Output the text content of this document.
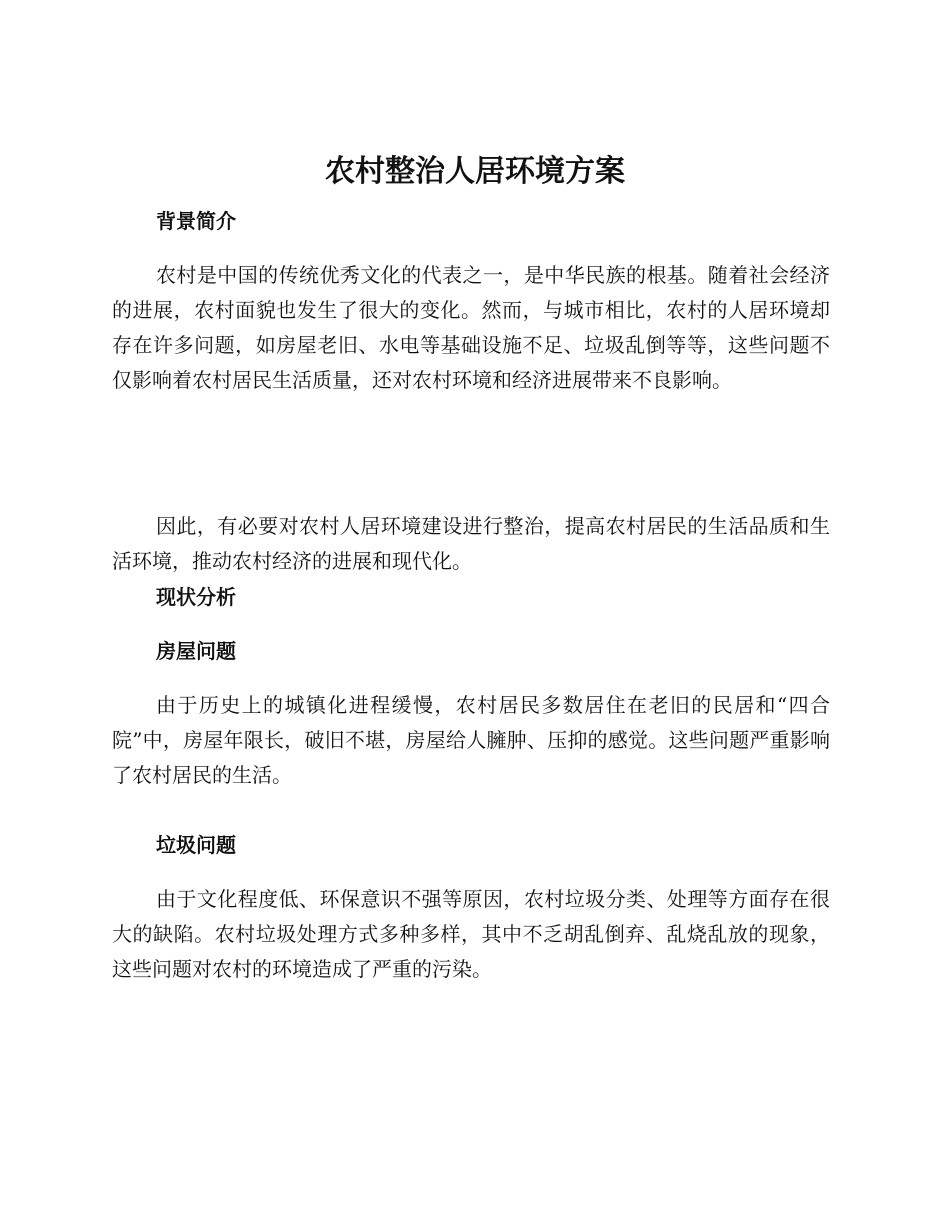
农村整治人居环境方案
背景简介

农村是中国的传统优秀文化的代表之一，是中华民族的根基。随着社会经济的进展，农村面貌也发生了很大的变化。然而，与城市相比，农村的人居环境却存在许多问题，如房屋老旧、水电等基础设施不足、垃圾乱倒等等，这些问题不仅影响着农村居民生活质量，还对农村环境和经济进展带来不良影响。

因此，有必要对农村人居环境建设进行整治，提高农村居民的生活品质和生活环境，推动农村经济的进展和现代化。

现状分析
房屋问题

由于历史上的城镇化进程缓慢，农村居民多数居住在老旧的民居和“四合院”中，房屋年限长，破旧不堪，房屋给人臃肿、压抑的感觉。这些问题严重影响了农村居民的生活。

垃圾问题

由于文化程度低、环保意识不强等原因，农村垃圾分类、处理等方面存在很大的缺陷。农村垃圾处理方式多种多样，其中不乏胡乱倒弃、乱烧乱放的现象，这些问题对农村的环境造成了严重的污染。
